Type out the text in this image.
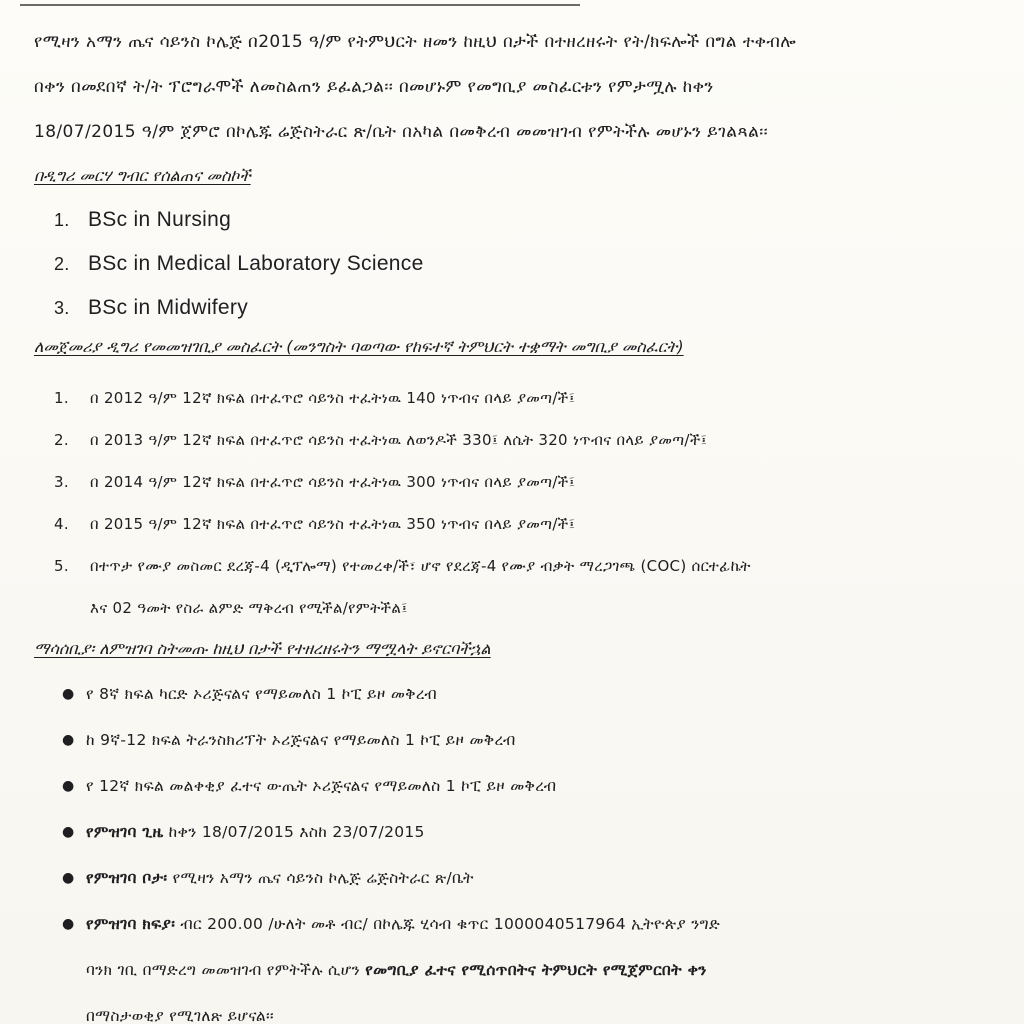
የሚዛን አማን ጤና ሳይንስ ኮሌጅ በ2015 ዓ/ም የትምህርት ዘመን ከዚህ በታች በተዘረዘሩት የት/ክፍሎች በግል ተቀብሎ
በቀን በመደበኛ ት/ት ፕሮግራሞች ለመስልጠን ይፈልጋል፡፡ በመሆኑም የመግቢያ መስፈርቱን የምታሟሉ ከቀን
18/07/2015 ዓ/ም ጀምሮ በኮሌጁ ሬጅስትራር ጽ/ቤት በአካል በመቅረብ መመዝገብ የምትችሉ መሆኑን ይገልጻል፡፡

በዲግሪ መርሃ ግብር የሰልጠና መስኮች

1. BSc in Nursing
2. BSc in Medical Laboratory Science
3. BSc in Midwifery

ለመጀመሪያ ዲግሪ የመመዝገቢያ መስፈርት (መንግስት ባወጣው የከፍተኛ ትምህርት ተቋማት መግቢያ መስፈርት)

1.	በ 2012 ዓ/ም 12ኛ ክፍል በተፈጥሮ ሳይንስ ተፈትነዉ 140 ነጥብና በላይ ያመጣ/ች፤
2.	በ 2013 ዓ/ም 12ኛ ክፍል በተፈጥሮ ሳይንስ ተፈትነዉ ለወንዶች 330፤ ለሴት 320 ነጥብና በላይ ያመጣ/ች፤
3.	በ 2014 ዓ/ም 12ኛ ክፍል በተፈጥሮ ሳይንስ ተፈትነዉ 300 ነጥብና በላይ ያመጣ/ች፤
4.	በ 2015 ዓ/ም 12ኛ ክፍል በተፈጥሮ ሳይንስ ተፈትነዉ 350 ነጥብና በላይ ያመጣ/ች፤
5.	በተጥታ የሙያ መስመር ደረጃ-4 (ዲፕሎማ) የተመረቀ/ች፣ ሆኖ የደረጃ-4 የሙያ ብቃት ማረጋገጫ (COC) ሰርተፊኬት
እና 02 ዓመት የስራ ልምድ ማቅረብ የሚችል/የምትችል፤

ማሳሰቢያ፡ ለምዝገባ ስትመጡ ከዚህ በታች የተዘረዘሩትን ማሟላት ይኖርባችኋል

● የ 8ኛ ክፍል ካርድ ኦሪጅናልና የማይመለስ 1 ኮፒ ይዞ መቅረብ
● ከ 9ኛ-12 ክፍል ትራንስክሪፕት ኦሪጅናልና የማይመለስ 1 ኮፒ ይዞ መቅረብ
● የ 12ኛ ክፍል መልቀቂያ ፈተና ውጤት ኦሪጅናልና የማይመለስ 1 ኮፒ ይዞ መቅረብ
● የምዝገባ ጊዜ ከቀን 18/07/2015 እስከ 23/07/2015
● የምዝገባ ቦታ፡ የሚዛን አማን ጤና ሳይንስ ኮሌጅ ሬጅስትራር ጽ/ቤት
● የምዝገባ ክፍያ፡ ብር 200.00 /ሁለት መቶ ብር/ በኮሌጁ ሂሳብ ቁጥር 1000040517964 ኢትዮጵያ ንግድ
ባንክ ገቢ በማድረግ መመዝገብ የምትችሉ ሲሆን የመግቢያ ፈተና የሚሰጥበትና ትምህርት የሚጀምርበት ቀን
በማስታወቂያ የሚገለጽ ይሆናል፡፡
